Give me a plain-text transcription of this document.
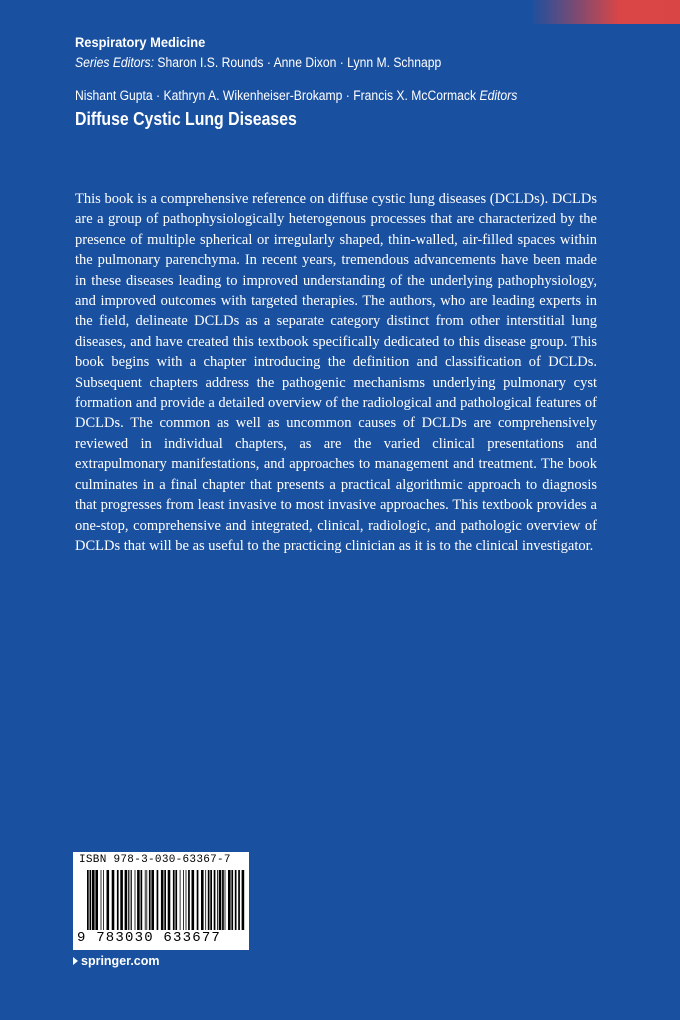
Respiratory Medicine
Series Editors: Sharon I.S. Rounds · Anne Dixon · Lynn M. Schnapp
Nishant Gupta · Kathryn A. Wikenheiser-Brokamp · Francis X. McCormack Editors
Diffuse Cystic Lung Diseases
This book is a comprehensive reference on diffuse cystic lung diseases (DCLDs). DCLDs are a group of pathophysiologically heterogenous processes that are characterized by the presence of multiple spherical or irregularly shaped, thin-walled, air-filled spaces within the pulmonary parenchyma. In recent years, tremendous advancements have been made in these diseases leading to improved understanding of the underlying pathophysiology, and improved outcomes with targeted therapies. The authors, who are leading experts in the field, delineate DCLDs as a separate category distinct from other interstitial lung diseases, and have created this textbook specifically dedicated to this disease group. This book begins with a chapter introducing the definition and classification of DCLDs. Subsequent chapters address the pathogenic mechanisms underlying pulmonary cyst formation and provide a detailed overview of the radiological and pathological features of DCLDs. The common as well as uncommon causes of DCLDs are comprehensively reviewed in individual chapters, as are the varied clinical presentations and extrapulmonary manifestations, and approaches to management and treatment. The book culminates in a final chapter that presents a practical algorithmic approach to diagnosis that progresses from least invasive to most invasive approaches. This textbook provides a one-stop, comprehensive and integrated, clinical, radiologic, and pathologic overview of DCLDs that will be as useful to the practicing clinician as it is to the clinical investigator.
ISBN 978-3-030-63367-7
9 783030 633677
springer.com
